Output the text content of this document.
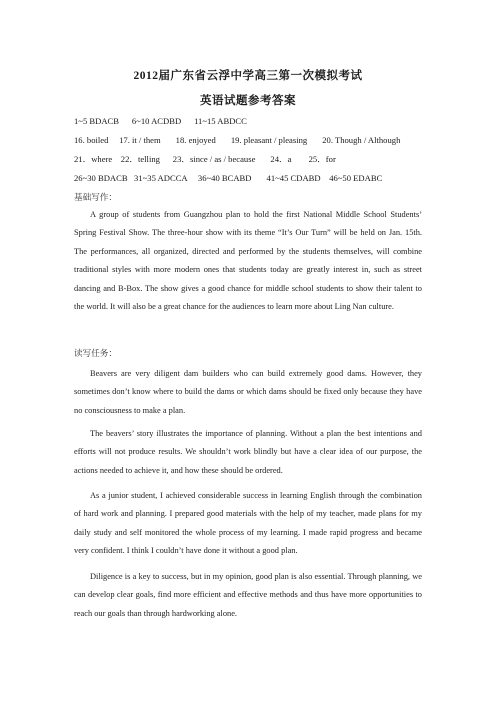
2012届广东省云浮中学高三第一次模拟考试
英语试题参考答案
1~5 BDACB      6~10 ACDBD      11~15 ABDCC
16. boiled     17. it / them       18. enjoyed       19. pleasant / pleasing       20. Though / Although
21．where    22．telling      23．since / as / because       24．a        25．for
26~30 BDACB   31~35 ADCCA     36~40 BCABD       41~45 CDABD    46~50 EDABC
基础写作：
A group of students from Guangzhou plan to hold the first National Middle School Students’ Spring Festival Show. The three-hour show with its theme “It’s Our Turn” will be held on Jan. 15th. The performances, all organized, directed and performed by the students themselves, will combine traditional styles with more modern ones that students today are greatly interest in, such as street dancing and B-Box. The show gives a good chance for middle school students to show their talent to the world. It will also be a great chance for the audiences to learn more about Ling Nan culture.
读写任务：
Beavers are very diligent dam builders who can build extremely good dams. However, they sometimes don’t know where to build the dams or which dams should be fixed only because they have no consciousness to make a plan.
The beavers’ story illustrates the importance of planning. Without a plan the best intentions and efforts will not produce results. We shouldn’t work blindly but have a clear idea of our purpose, the actions needed to achieve it, and how these should be ordered.
As a junior student, I achieved considerable success in learning English through the combination of hard work and planning. I prepared good materials with the help of my teacher, made plans for my daily study and self monitored the whole process of my learning. I made rapid progress and became very confident. I think I couldn’t have done it without a good plan.
Diligence is a key to success, but in my opinion, good plan is also essential. Through planning, we can develop clear goals, find more efficient and effective methods and thus have more opportunities to reach our goals than through hardworking alone.
